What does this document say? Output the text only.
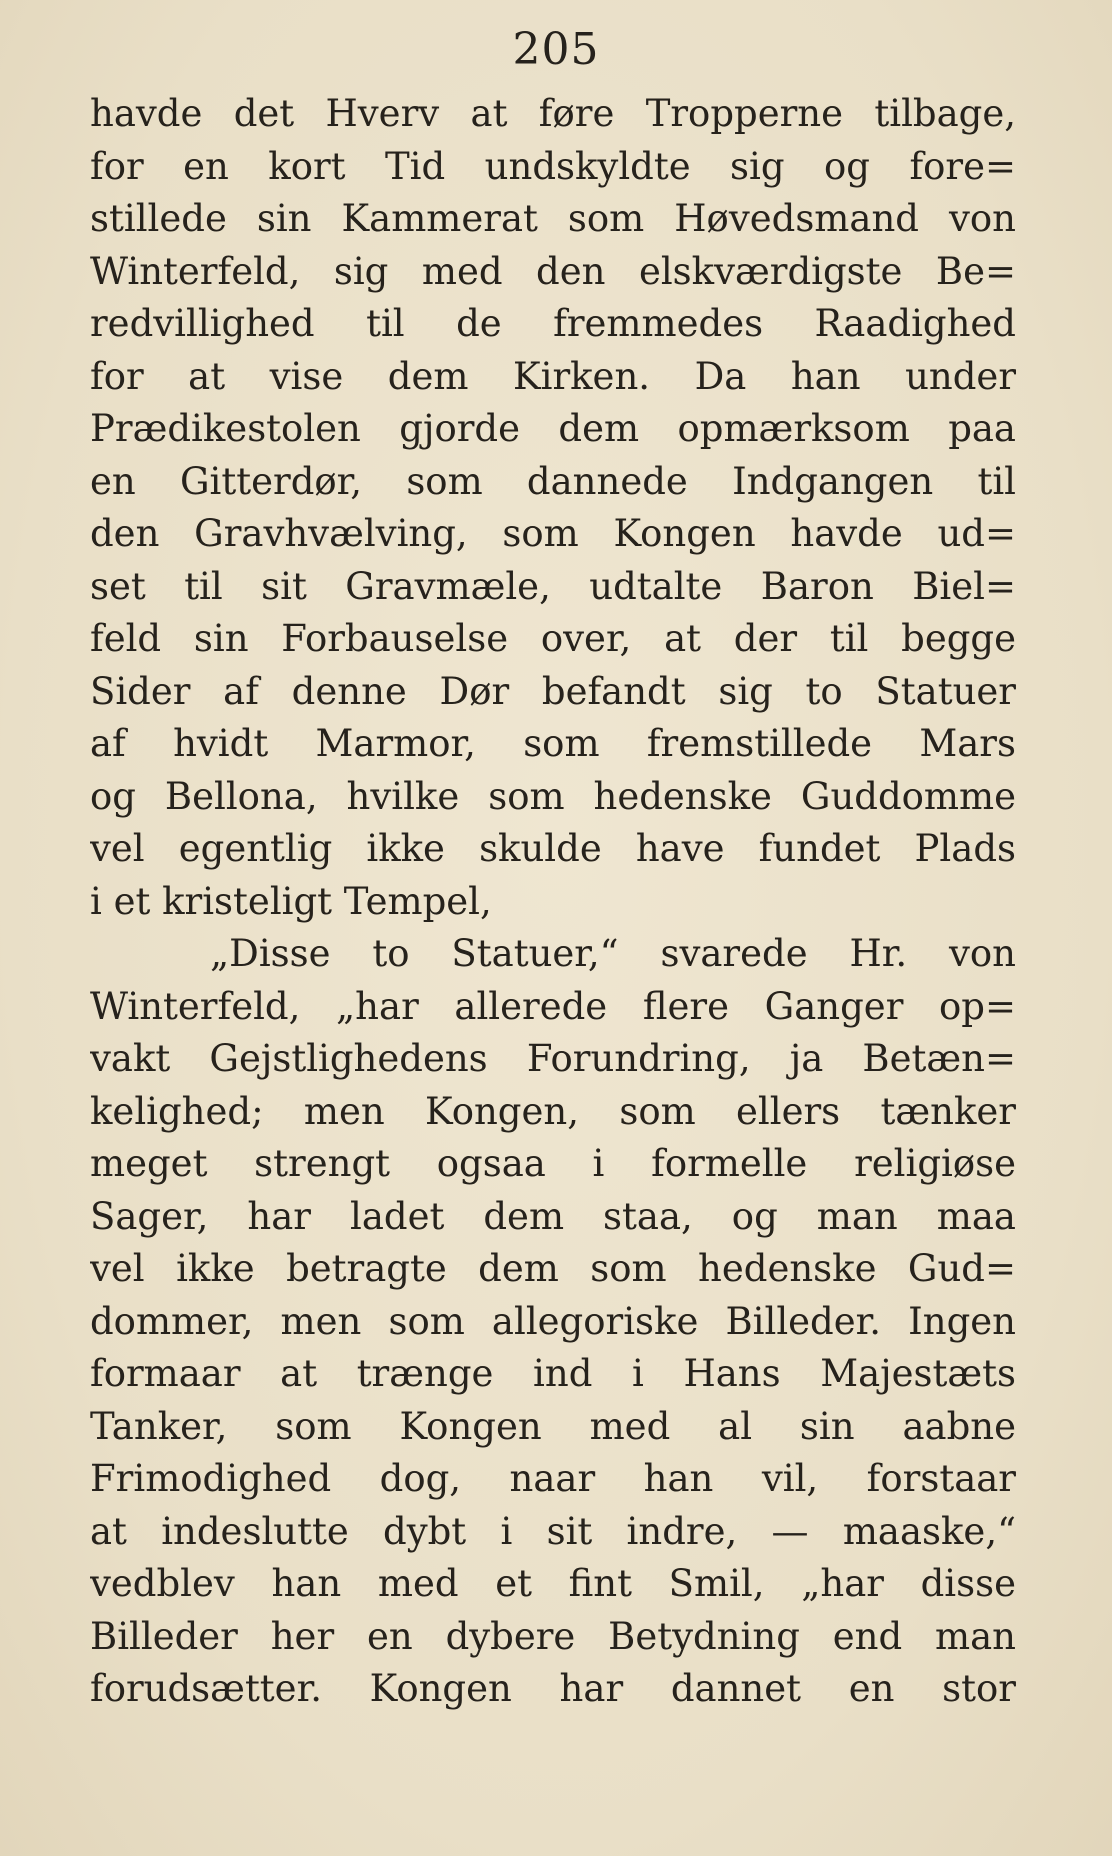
205
havde det Hverv at føre Tropperne tilbage,
for en kort Tid undskyldte sig og fore=
stillede sin Kammerat som Høvedsmand von
Winterfeld, sig med den elskværdigste Be=
redvillighed til de fremmedes Raadighed
for at vise dem Kirken. Da han under
Prædikestolen gjorde dem opmærksom paa
en Gitterdør, som dannede Indgangen til
den Gravhvælving, som Kongen havde ud=
set til sit Gravmæle, udtalte Baron Biel=
feld sin Forbauselse over, at der til begge
Sider af denne Dør befandt sig to Statuer
af hvidt Marmor, som fremstillede Mars
og Bellona, hvilke som hedenske Guddomme
vel egentlig ikke skulde have fundet Plads
i et kristeligt Tempel,
„Disse to Statuer,“ svarede Hr. von
Winterfeld, „har allerede flere Ganger op=
vakt Gejstlighedens Forundring, ja Betæn=
kelighed; men Kongen, som ellers tænker
meget strengt ogsaa i formelle religiøse
Sager, har ladet dem staa, og man maa
vel ikke betragte dem som hedenske Gud=
dommer, men som allegoriske Billeder. Ingen
formaar at trænge ind i Hans Majestæts
Tanker, som Kongen med al sin aabne
Frimodighed dog, naar han vil, forstaar
at indeslutte dybt i sit indre, — maaske,“
vedblev han med et fint Smil, „har disse
Billeder her en dybere Betydning end man
forudsætter. Kongen har dannet en stor
